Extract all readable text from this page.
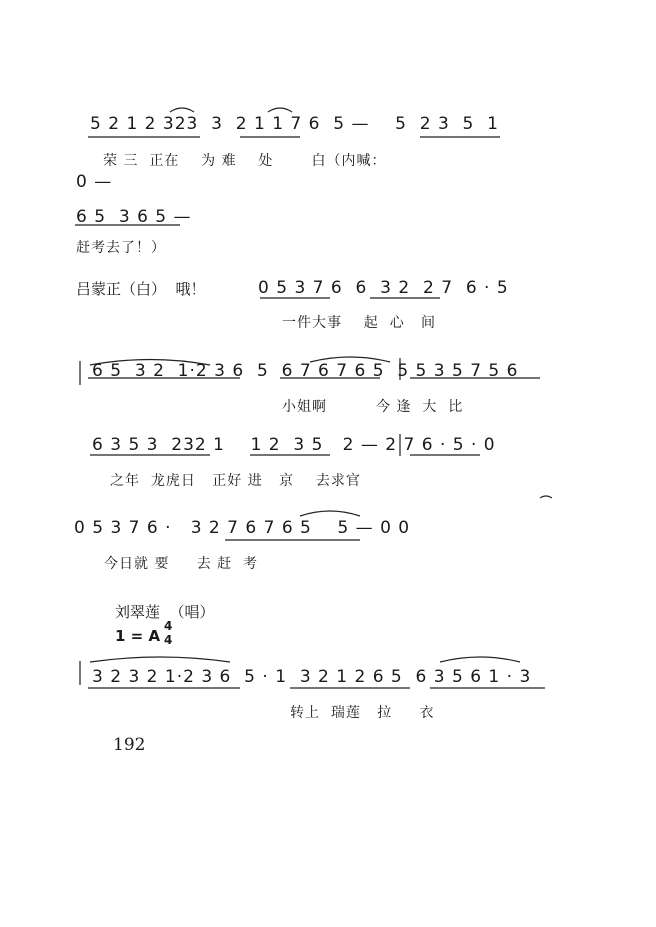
5 2 1 2 323  3  2 1 1 7 6  5 —    5  2 3  5  1
荣 三  正在    为 难    处       白（内喊：
0 —
6 5  3 6 5 —
赶考去了！）
吕蒙正（白）  哦！	0 5 3 7 6  6  3 2  2 7  6 · 5
一件大事    起  心   间
6 5  3 2  1·2 3 6  5  6 7 6 7 6 5  5 5 3 5 7 5 6
小姐啊         今 逢  大  比
6 3 5 3  232 1    1 2  3 5   2 — 2 7 6 · 5 · 0
之年  龙虎日   正好 进   京    去求官
0 5 3 7 6 ·   3 2 7 6 7 6 5    5 — 0 0
今日就 要     去 赶  考
刘翠莲  （唱）
1 = A
4
4
3 2 3 2 1·2 3 6  5 · 1  3 2 1 2 6 5  6 3 5 6 1 · 3
转上  瑞莲   拉     衣
192
